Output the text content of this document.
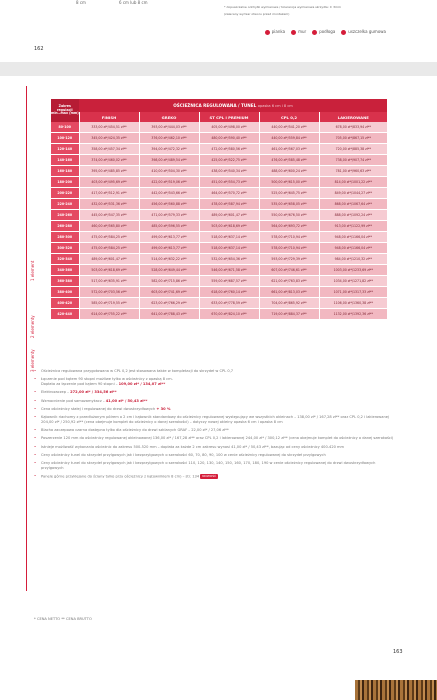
8 cm	6 cm lub 8 cm
* dopuszczalne odchyłki wymiarowe / tolerancja wymiarowa skrzydła: ± 3mm
(zalecany wymiar otworu przed montażem)
pianka	mur	podłoga	uszczelka gumowa
162
1 element
2 elementy
3 elementy
Zakres
regulacji
min.–max (mm)	OŚCIEŻNICA REGULOWANA / TUNEL opaska 6 cm i 8 cm				
	FINISH	GREKO	ST CPL i PREMIUM	CPL 0,2	LAKIEROWANE
80-100	333,00 zł*/454,51 zł**	393,00 zł*/444,03 zł**	405,00 zł*/498,00 zł**	440,00 zł*/541,20 zł**	678,00 zł*/833,94 zł**
100-120	345,00 zł*/424,35 zł**	376,00 zł*/462,10 zł**	480,00 zł*/590,40 zł**	440,00 zł*/559,84 zł**	705,00 zł*/867,15 zł**
120-140	358,00 zł*/457,34 zł**	394,00 zł*/472,32 zł**	472,00 zł*/580,56 zł**	461,00 zł*/567,03 zł**	720,00 zł*/885,38 zł**
140-160	374,00 zł*/460,02 zł**	398,00 zł*/489,54 zł**	425,00 zł*/522,75 zł**	476,00 zł*/585,48 zł**	738,00 zł*/907,74 zł**
160-180	395,00 zł*/485,85 zł**	410,00 zł*/504,30 zł**	438,00 zł*/540,34 zł**	488,00 zł*/600,24 zł**	781,00 zł*/960,63 zł**
180-200	403,00 zł*/495,69 zł**	422,00 zł*/519,06 zł**	451,00 zł*/554,73 zł**	500,00 zł*/615,00 zł**	814,00 zł*/1001,22 zł**
200-220	417,00 zł*/512,91 zł**	442,00 zł*/543,66 zł**	464,00 zł*/570,72 zł**	525,00 zł*/645,75 zł**	849,00 zł*/1044,27 zł**
220-240	432,00 zł*/531,36 zł**	456,00 zł*/560,88 zł**	478,00 zł*/587,94 zł**	535,00 zł*/658,05 zł**	868,00 zł*/1067,64 zł**
240-260	445,00 zł*/547,35 zł**	471,00 zł*/579,33 zł**	489,00 zł*/601,47 zł**	550,00 zł*/676,50 zł**	888,00 zł*/1092,24 zł**
260-280	460,00 zł*/565,80 zł**	485,00 zł*/596,55 zł**	503,00 zł*/618,69 zł**	564,00 zł*/693,72 zł**	913,00 zł*/1122,99 zł**
280-300	475,00 zł*/584,25 zł**	499,00 zł*/613,77 zł**	518,00 zł*/637,14 zł**	578,00 zł*/710,94 zł**	948,00 zł*/1166,04 zł**
300-320	475,00 zł*/584,25 zł**	499,00 zł*/613,77 zł**	518,00 zł*/637,14 zł**	578,00 zł*/710,94 zł**	948,00 zł*/1166,04 zł**
320-340	489,00 zł*/601,47 zł**	514,00 zł*/632,22 zł**	532,00 zł*/654,36 zł**	593,00 zł*/729,39 zł**	984,00 zł*/1210,32 zł**
340-360	503,00 zł*/618,69 zł**	528,00 zł*/649,44 zł**	546,00 zł*/671,58 zł**	607,00 zł*/746,61 zł**	1003,00 zł*/1233,69 zł**
360-380	517,00 zł*/635,91 zł**	582,00 zł*/715,86 zł**	559,00 zł*/687,57 zł**	621,00 zł*/763,83 zł**	1034,00 zł*/1271,82 zł**
380-400	572,00 zł*/703,56 zł**	603,00 zł*/741,69 zł**	618,00 zł*/760,14 zł**	661,00 zł*/813,03 zł**	1071,00 zł*/1317,33 zł**
400-420	585,00 zł*/719,55 zł**	623,00 zł*/766,29 zł**	633,00 zł*/778,59 zł**	704,00 zł*/865,92 zł**	1106,00 zł*/1360,38 zł**
420-440	614,00 zł*/755,22 zł**	641,00 zł*/788,43 zł**	670,00 zł*/824,10 zł**	719,00 zł*/884,37 zł**	1132,00 zł*/1392,36 zł**
• Ościeżnica regulowana przygotowana w CPL 0,2 jest stosowana także w kompletacji do skrzydeł w CPL 0,7
• Łączenie pod kątem 90 stopni możliwe tylko w ościeżnicy z opaską 8 cm.
Dopłata za łączenie pod kątem 90 stopni – 109,00 zł* / 134,07 zł**
• Elektrozaczep – 272,00 zł* / 334,56 zł**
• Wzmocnienie pod samozamykacz – 41,00 zł* / 50,43 zł**
• Cena ościeżnicy stałej i regulowanej do drzwi dwuskrzydłowych + 30 %
• Kątownik riachomy z przedłużonym pólrem o 2 cm i kątownik standardowy do ościeżnicy regulowanej występujący we wszystkich okleinach – 138,00 zł* / 167,28 zł** oraz CPL 0,2 i lakierowanej 204,00 zł* / 250,92 zł** (cena obejmuje komplet do ościeżnicy o danej szerokości) – dotyczy nowej okleiny opaska 6 cm i opaska 8 cm
• Blacha zaczepowa czarna dostępna tylko dla ościeżnicy do drzwi szklanych GRAF – 22,00 zł* / 27,06 zł**
• Poszerzenie 120 mm do ościeżnicy regulowanej okleinowanej 136,00 zł* / 167,28 zł** oraz CPL 0,2 i lakierowanej 244,00 zł* / 300,12 zł** (cena obejmuje komplet do ościeżnicy o danej szerokości)
• Istnieje możliwość wykonania ościeżnic do zakresu 500-520 mm – dopłata za każde 2 cm zakresu wynosi 41,00 zł* / 50,43 zł**, bazując od ceny ościeżnicy 400-420 mm
• Ceny ościeżnicy tunel do skrzydeł przylgowych jak i bezprzylgowych o szerokości 60, 70, 80, 90, 100 w cenie ościeżnicy regulowanej do skrzydeł przylgowych
• Ceny ościeżnicy tunel do skrzydeł przylgowych jak i bezprzylgowych o szerokości 110, 120, 130, 140, 150, 160, 170, 180, 190 w cenie ościeżnicy regulowanej do drzwi dwuskrzydłowych przylgowych
• Panele górne przyklejane do ściany tylko przy ościeżnicy z kątownikiem 8 cm) – str. 134 NOWOŚĆ
* CENA NETTO ** CENA BRUTTO
163
